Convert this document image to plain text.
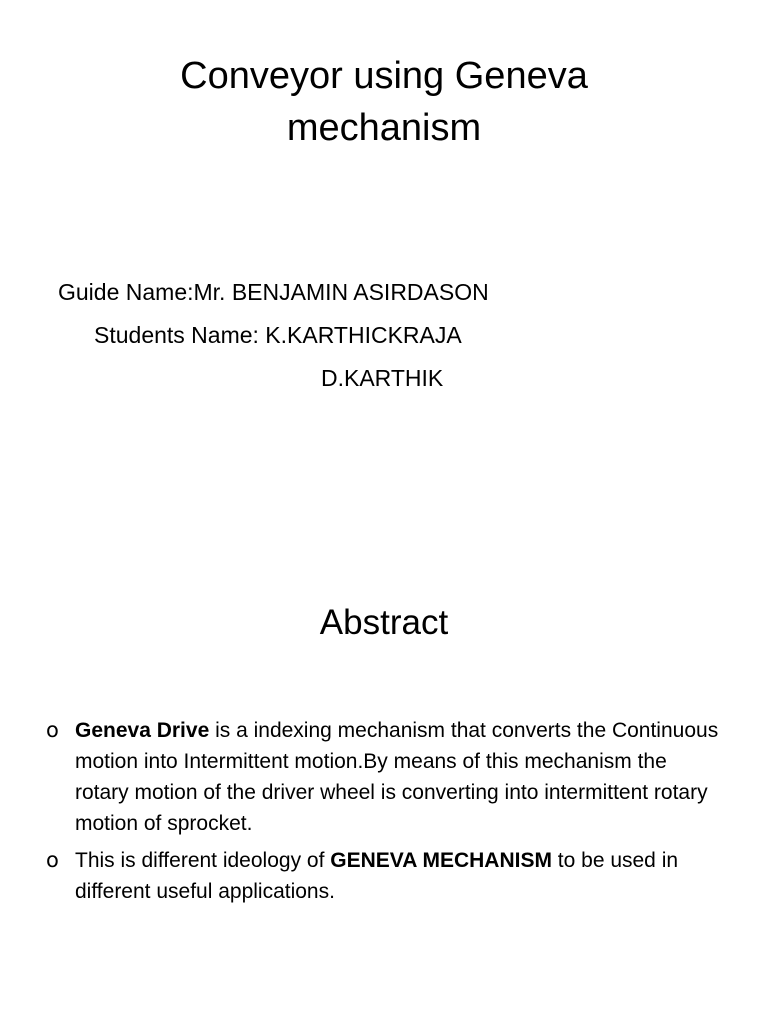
Conveyor using Geneva
mechanism
Guide Name:Mr. BENJAMIN ASIRDASON
Students Name: K.KARTHICKRAJA
D.KARTHIK
Abstract
o Geneva Drive is a indexing mechanism that converts the Continuous motion into Intermittent motion.By means of this mechanism the rotary motion of the driver wheel is converting into intermittent rotary motion of sprocket.
o This is different ideology of GENEVA MECHANISM to be used in different useful applications.
